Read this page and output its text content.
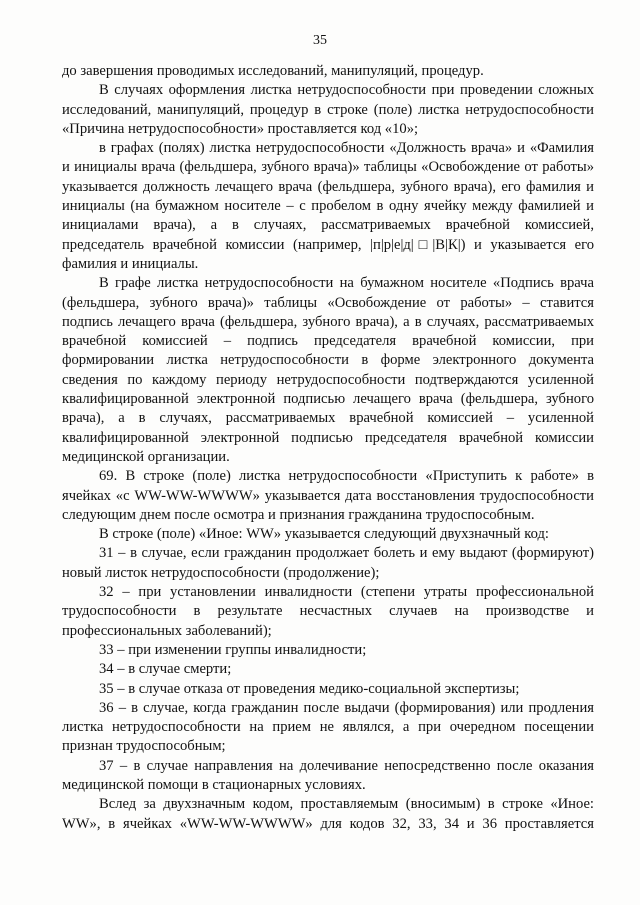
35

до завершения проводимых исследований, манипуляций, процедур.

В случаях оформления листка нетрудоспособности при проведении сложных исследований, манипуляций, процедур в строке (поле) листка нетрудоспособности «Причина нетрудоспособности» проставляется код «10»;

в графах (полях) листка нетрудоспособности «Должность врача» и «Фамилия и инициалы врача (фельдшера, зубного врача)» таблицы «Освобождение от работы» указывается должность лечащего врача (фельдшера, зубного врача), его фамилия и инициалы (на бумажном носителе – с пробелом в одну ячейку между фамилией и инициалами врача), а в случаях, рассматриваемых врачебной комиссией, председатель врачебной комиссии (например, |п|р|е|д|□|В|К|) и указывается его фамилия и инициалы.

В графе листка нетрудоспособности на бумажном носителе «Подпись врача (фельдшера, зубного врача)» таблицы «Освобождение от работы» – ставится подпись лечащего врача (фельдшера, зубного врача), а в случаях, рассматриваемых врачебной комиссией – подпись председателя врачебной комиссии, при формировании листка нетрудоспособности в форме электронного документа сведения по каждому периоду нетрудоспособности подтверждаются усиленной квалифицированной электронной подписью лечащего врача (фельдшера, зубного врача), а в случаях, рассматриваемых врачебной комиссией – усиленной квалифицированной электронной подписью председателя врачебной комиссии медицинской организации.

69. В строке (поле) листка нетрудоспособности «Приступить к работе» в ячейках «с WW-WW-WWWW» указывается дата восстановления трудоспособности следующим днем после осмотра и признания гражданина трудоспособным.

В строке (поле) «Иное: WW» указывается следующий двухзначный код:

31 – в случае, если гражданин продолжает болеть и ему выдают (формируют) новый листок нетрудоспособности (продолжение);

32 – при установлении инвалидности (степени утраты профессиональной трудоспособности в результате несчастных случаев на производстве и профессиональных заболеваний);

33 – при изменении группы инвалидности;

34 – в случае смерти;

35 – в случае отказа от проведения медико-социальной экспертизы;

36 – в случае, когда гражданин после выдачи (формирования) или продления листка нетрудоспособности на прием не являлся, а при очередном посещении признан трудоспособным;

37 – в случае направления на долечивание непосредственно после оказания медицинской помощи в стационарных условиях.

Вслед за двухзначным кодом, проставляемым (вносимым) в строке «Иное: WW», в ячейках «WW-WW-WWWW» для кодов 32, 33, 34 и 36 проставляется
